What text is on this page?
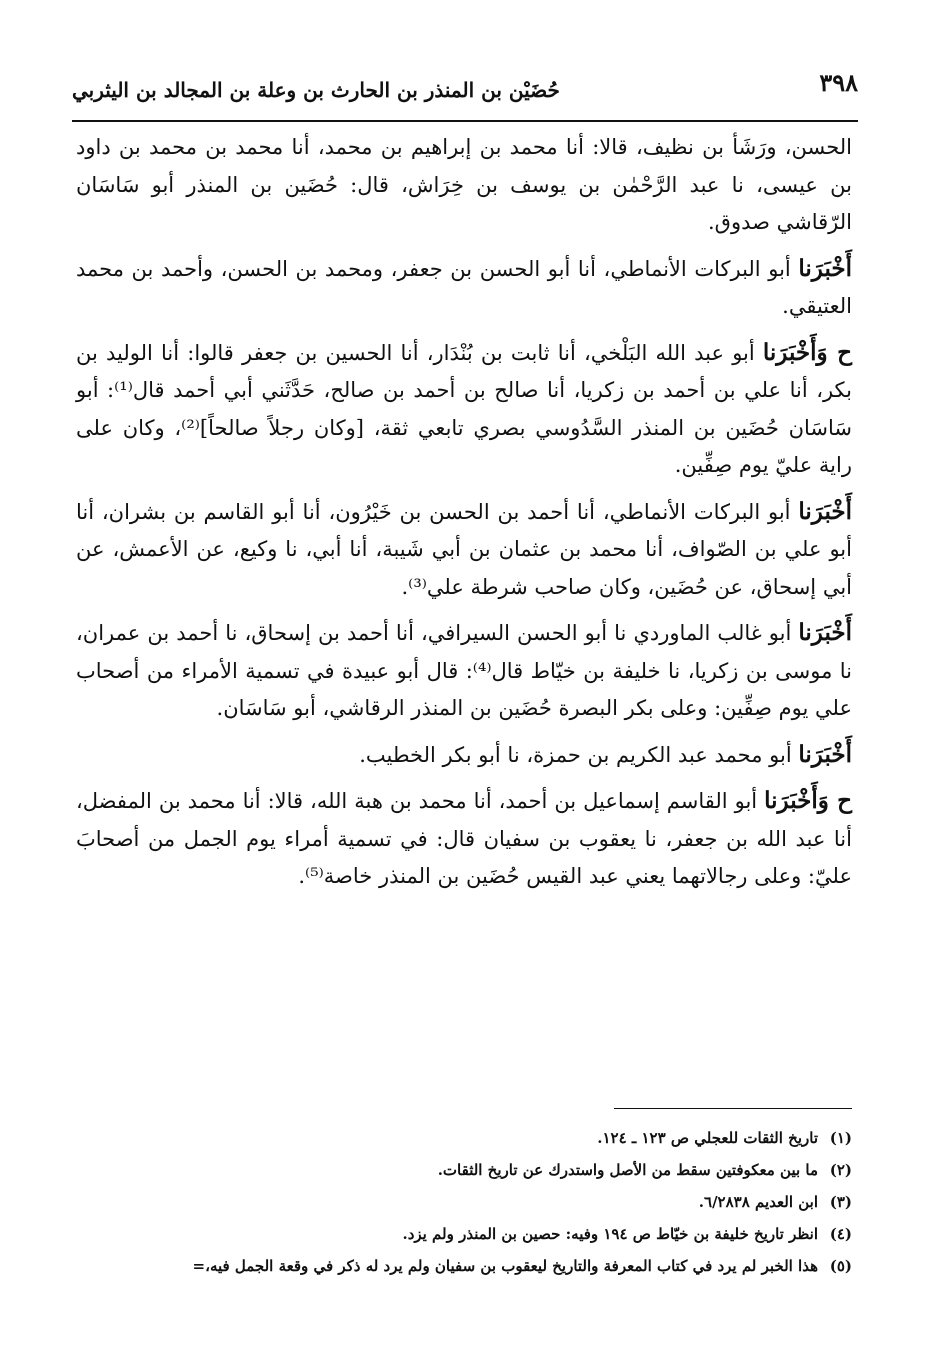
٣٩٨
حُضَيْن بن المنذر بن الحارث بن وعلة بن المجالد بن اليثربي

الحسن، ورَشَأ بن نظيف، قالا: أنا محمد بن إبراهيم بن محمد، أنا محمد بن محمد بن داود بن عيسى، نا عبد الرَّحْمٰن بن يوسف بن خِرَاش، قال: حُضَين بن المنذر أبو سَاسَان الرّقاشي صدوق.

أَخْبَرَنا أبو البركات الأنماطي، أنا أبو الحسن بن جعفر، ومحمد بن الحسن، وأحمد بن محمد العتيقي.

ح وَأَخْبَرَنا أبو عبد الله البَلْخي، أنا ثابت بن بُنْدَار، أنا الحسين بن جعفر قالوا: أنا الوليد بن بكر، أنا علي بن أحمد بن زكريا، أنا صالح بن أحمد بن صالح، حَدَّثَني أبي أحمد قال⁽¹⁾: أبو سَاسَان حُضَين بن المنذر السَّدُوسي بصري تابعي ثقة، [وكان رجلاً صالحاً]⁽²⁾، وكان على راية عليّ يوم صِفِّين.

أَخْبَرَنا أبو البركات الأنماطي، أنا أحمد بن الحسن بن خَيْرُون، أنا أبو القاسم بن بشران، أنا أبو علي بن الصّواف، أنا محمد بن عثمان بن أبي شَيبة، أنا أبي، نا وكيع، عن الأعمش، عن أبي إسحاق، عن حُضَين، وكان صاحب شرطة علي⁽³⁾.

أَخْبَرَنا أبو غالب الماوردي نا أبو الحسن السيرافي، أنا أحمد بن إسحاق، نا أحمد بن عمران، نا موسى بن زكريا، نا خليفة بن خيّاط قال⁽⁴⁾: قال أبو عبيدة في تسمية الأمراء من أصحاب علي يوم صِفِّين: وعلى بكر البصرة حُضَين بن المنذر الرقاشي، أبو سَاسَان.

أَخْبَرَنا أبو محمد عبد الكريم بن حمزة، نا أبو بكر الخطيب.

ح وَأَخْبَرَنا أبو القاسم إسماعيل بن أحمد، أنا محمد بن هبة الله، قالا: أنا محمد بن المفضل، أنا عبد الله بن جعفر، نا يعقوب بن سفيان قال: في تسمية أمراء يوم الجمل من أصحابَ عليّ: وعلى رجالاتهما يعني عبد القيس حُضَين بن المنذر خاصة⁽⁵⁾.

(١)تاريخ الثقات للعجلي ص ١٢٣ ـ ١٢٤.
(٢)ما بين معكوفتين سقط من الأصل واستدرك عن تاريخ الثقات.
(٣)ابن العديم ٦/٢٨٣٨.
(٤)انظر تاريخ خليفة بن خيّاط ص ١٩٤ وفيه: حصين بن المنذر ولم يزد.
(٥)هذا الخبر لم يرد في كتاب المعرفة والتاريخ ليعقوب بن سفيان ولم يرد له ذكر في وقعة الجمل فيه،=
